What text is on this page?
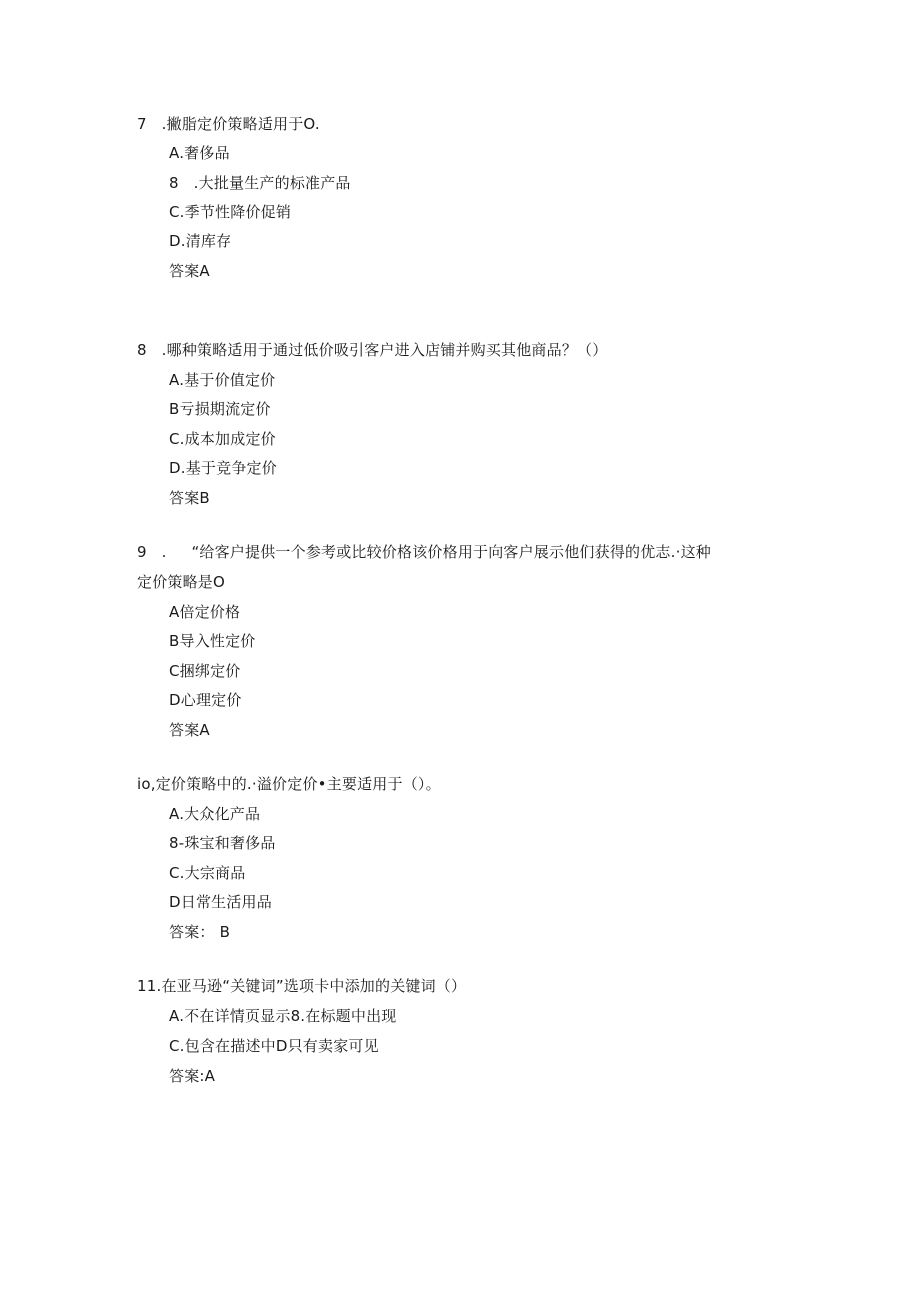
7   .撇脂定价策略适用于O.
A.奢侈品
8   .大批量生产的标准产品
C.季节性降价促销
D.清库存
答案A
8   .哪种策略适用于通过低价吸引客户进入店铺并购买其他商品？（）
A.基于价值定价
B亏损期流定价
C.成本加成定价
D.基于竞争定价
答案B
9   .     “给客户提供一个参考或比较价格该价格用于向客户展示他们获得的优志.·这种
定价策略是O
A倍定价格
B导入性定价
C捆绑定价
D心理定价
答案A
io,定价策略中的.·溢价定价•主要适用于（）。
A.大众化产品
8-珠宝和奢侈品
C.大宗商品
D日常生活用品
答案： B
11.在亚马逊“关键词”选项卡中添加的关键词（）
A.不在详情页显示8.在标题中出现
C.包含在描述中D只有卖家可见
答案:A
